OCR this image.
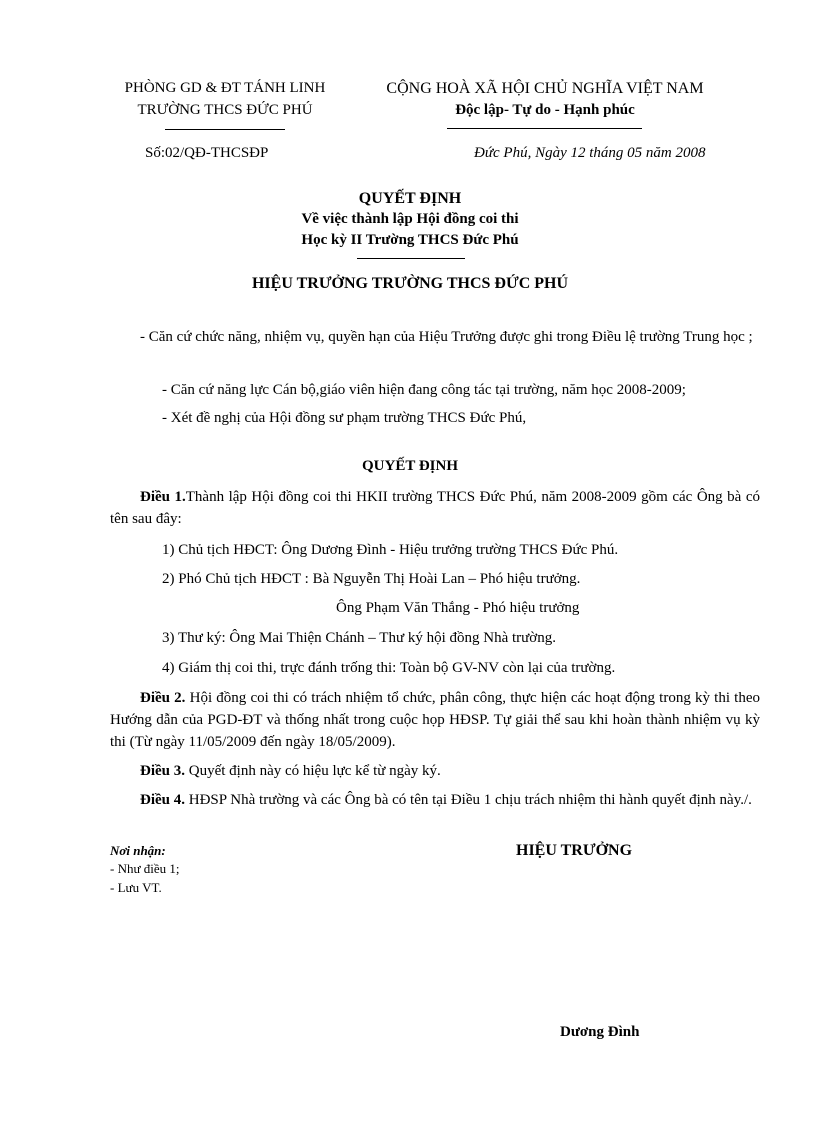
PHÒNG GD & ĐT TÁNH LINH
TRƯỜNG THCS ĐỨC PHÚ
CỘNG HOÀ XÃ HỘI CHỦ NGHĨA VIỆT NAM
Độc lập- Tự do - Hạnh phúc
Số:02/QĐ-THCSĐP	Đức Phú, Ngày 12 tháng 05 năm 2008
QUYẾT ĐỊNH
Về việc thành lập Hội đồng coi thi
Học kỳ II Trường THCS Đức Phú
HIỆU TRƯỞNG TRƯỜNG THCS ĐỨC PHÚ
- Căn cứ chức năng, nhiệm vụ, quyền hạn của Hiệu Trưởng được ghi trong Điều lệ trường Trung học ;
- Căn cứ năng lực Cán bộ,giáo viên hiện đang công tác tại trường, năm học 2008-2009;
- Xét đề nghị của Hội đồng sư phạm trường THCS Đức Phú,
QUYẾT ĐỊNH
Điều 1.Thành lập Hội đồng coi thi HKII trường THCS Đức Phú, năm 2008-2009 gồm các Ông bà có tên sau đây:
1) Chủ tịch HĐCT: Ông Dương Đình - Hiệu trưởng trường THCS Đức Phú.
2) Phó Chủ tịch HĐCT : Bà Nguyễn Thị Hoài Lan – Phó hiệu trưởng.
Ông Phạm Văn Thắng - Phó hiệu trưởng
3) Thư ký: Ông Mai Thiện Chánh – Thư ký hội đồng Nhà trường.
4) Giám thị coi thi, trực đánh trống thi: Toàn bộ GV-NV còn lại của trường.
Điều 2. Hội đồng coi thi có trách nhiệm tổ chức, phân công, thực hiện các hoạt động trong kỳ thi theo Hướng dẫn của PGD-ĐT và thống nhất trong cuộc họp HĐSP. Tự giải thể sau khi hoàn thành nhiệm vụ kỳ thi (Từ ngày 11/05/2009 đến ngày 18/05/2009).
Điều 3. Quyết định này có hiệu lực kể từ ngày ký.
Điều 4. HĐSP Nhà trường và các Ông bà có tên tại Điều 1 chịu trách nhiệm thi hành quyết định này./.
Nơi nhận:
- Như điều 1;
- Lưu VT.
HIỆU TRƯỞNG
Dương Đình
